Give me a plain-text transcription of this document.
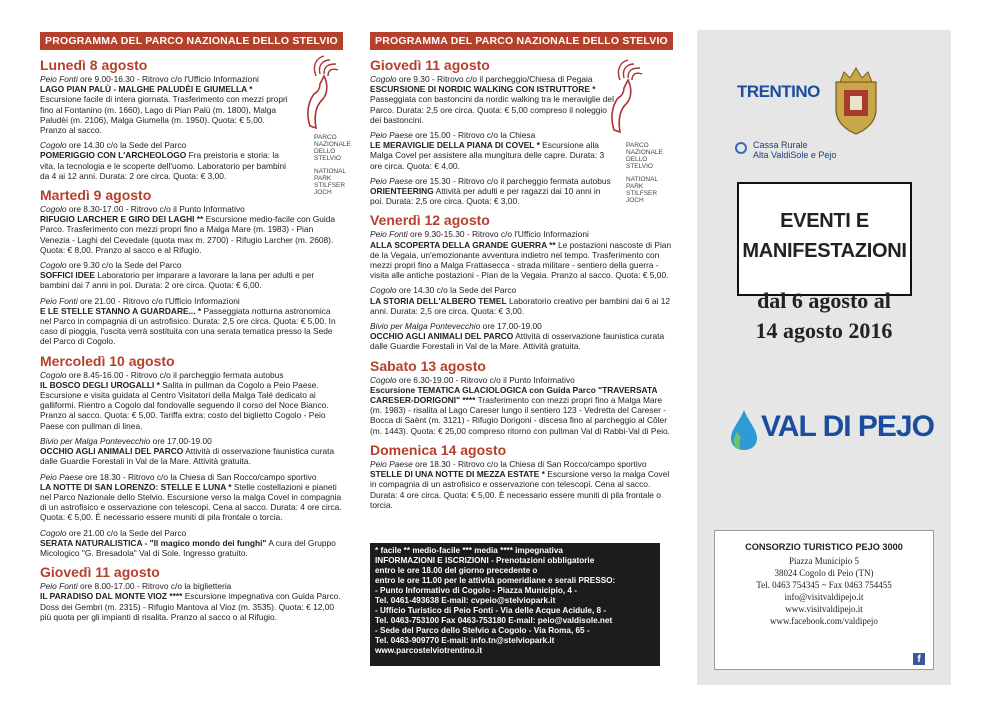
PROGRAMMA DEL PARCO NAZIONALE DELLO STELVIO	PROGRAMMA DEL PARCO NAZIONALE DELLO STELVIO
Lunedì 8 agosto
Peio Fonti ore 9.00-16.30 - Ritrovo c/o l'Ufficio Informazioni
LAGO PIAN PALÙ - MALGHE PALUDÈI E GIUMELLA * Escursione facile di intera giornata. Trasferimento con mezzi propri fino al Fontanino (m. 1660), Lago di Pian Palù (m. 1800), Malga Paludèi (m. 2106), Malga Giumella (m. 1950). Quota: € 5,00. Pranzo al sacco.
Cogolo ore 14.30 c/o la Sede del Parco
POMERIGGIO CON L'ARCHEOLOGO Fra preistoria e storia: la vita, la tecnologia e le scoperte dell'uomo. Laboratorio per bambini da 4 ai 12 anni. Durata: 2 ore circa. Quota: € 3,00.
Martedì 9 agosto
Cogolo ore 8.30-17.00 - Ritrovo c/o il Punto Informativo
RIFUGIO LARCHER E GIRO DEI LAGHI ** Escursione medio-facile con Guida Parco. Trasferimento con mezzi propri fino a Malga Mare (m. 1983) - Pian Venezia - Laghi del Cevedale (quota max m. 2700) - Rifugio Larcher (m. 2608). Quota: € 8,00. Pranzo al sacco e al Rifugio.
Cogolo ore 9.30 c/o la Sede del Parco
SOFFICI IDEE Laboratorio per imparare a lavorare la lana per adulti e per bambini dai 7 anni in poi. Durata: 2 ore circa. Quota: € 6,00.
Peio Fonti ore 21.00 - Ritrovo c/o l'Ufficio Informazioni
E LE STELLE STANNO A GUARDARE... * Passeggiata notturna astronomica nel Parco in compagnia di un astrofisico. Durata: 2,5 ore circa. Quota: € 5,00. In caso di pioggia, l'uscita verrà sostituita con una serata tematica presso la Sede del Parco di Cogolo.
Mercoledì 10 agosto
Cogolo ore 8.45-16.00 - Ritrovo c/o il parcheggio fermata autobus
IL BOSCO DEGLI UROGALLI * Salita in pullman da Cogolo a Peio Paese. Escursione e visita guidata al Centro Visitatori della Malga Talé dedicato ai galliformi. Rientro a Cogolo dal fondovalle seguendo il corso del Noce Bianco. Pranzo al sacco. Quota: € 5,00. Tariffa extra: costo del biglietto Cogolo - Peio Paese con pullman di linea.
Bivio per Malga Pontevecchio ore 17.00-19.00
OCCHIO AGLI ANIMALI DEL PARCO Attività di osservazione faunistica curata dalle Guardie Forestali in Val de la Mare. Attività gratuita.
Peio Paese ore 18.30 - Ritrovo c/o la Chiesa di San Rocco/campo sportivo
LA NOTTE DI SAN LORENZO: STELLE E LUNA * Stelle costellazioni e pianeti nel Parco Nazionale dello Stelvio. Escursione verso la malga Covel in compagnia di un astrofisico e osservazione con telescopi. Cena al sacco. Durata: 4 ore circa. Quota: € 5,00. È necessario essere muniti di pila frontale o torcia.
Cogolo ore 21.00 c/o la Sede del Parco
SERATA NATURALISTICA - "Il magico mondo dei funghi" A cura del Gruppo Micologico "G. Bresadola" Val di Sole. Ingresso gratuito.
Giovedì 11 agosto
Peio Fonti ore 8.00-17.00 - Ritrovo c/o la biglietteria
IL PARADISO DAL MONTE VIOZ **** Escursione impegnativa con Guida Parco. Doss dei Gembri (m. 2315) - Rifugio Mantova al Vioz (m. 3535). Quota: € 12,00 più quota per gli impianti di risalita. Pranzo al sacco o al Rifugio.
Giovedì 11 agosto
Cogolo ore 9.30 - Ritrovo c/o il parcheggio/Chiesa di Pegaia
ESCURSIONE DI NORDIC WALKING CON ISTRUTTORE * Passeggiata con bastoncini da nordic walking tra le meraviglie del Parco. Durata: 2,5 ore circa. Quota: € 5,00 compreso il noleggio dei bastoncini.
Peio Paese ore 15.00 - Ritrovo c/o la Chiesa
LE MERAVIGLIE DELLA PIANA DI COVEL * Escursione alla Malga Covel per assistere alla mungitura delle capre. Durata: 3 ore circa. Quota: € 4,00.
Peio Paese ore 15.30 - Ritrovo c/o il parcheggio fermata autobus
ORIENTEERING Attività per adulti e per ragazzi dai 10 anni in poi. Durata: 2,5 ore circa. Quota: € 3,00.
Venerdì 12 agosto
Peio Fonti ore 9.30-15.30 - Ritrovo c/o l'Ufficio Informazioni
ALLA SCOPERTA DELLA GRANDE GUERRA ** Le postazioni nascoste di Pian de la Vegaia, un'emozionante avventura indietro nel tempo. Trasferimento con mezzi propri fino a Malga Frattasecca - strada militare - sentiero della guerra - visita alle antiche postazioni - Pian de la Vegaia. Pranzo al sacco. Quota: € 5,00.
Cogolo ore 14.30 c/o la Sede del Parco
LA STORIA DELL'ALBERO TEMEL Laboratorio creativo per bambini dai 6 ai 12 anni. Durata: 2,5 ore circa. Quota: € 3,00.
Bivio per Malga Pontevecchio ore 17.00-19.00
OCCHIO AGLI ANIMALI DEL PARCO Attività di osservazione faunistica curata dalle Guardie Forestali in Val de la Mare. Attività gratuita.
Sabato 13 agosto
Cogolo ore 6.30-19.00 - Ritrovo c/o il Punto Informativo
Escursione TEMATICA GLACIOLOGICA con Guida Parco "TRAVERSATA CARESER-DORIGONI" **** Trasferimento con mezzi propri fino a Malga Mare (m. 1983) - risalita al Lago Careser lungo il sentiero 123 - Vedretta del Careser - Bocca di Saènt (m. 3121) - Rifugio Dorigoni - discesa fino al parcheggio al Côler (m. 1443). Quota: € 25,00 compreso ritorno con pullman Val di Rabbi-Val di Peio.
Domenica 14 agosto
Peio Paese ore 18.30 - Ritrovo c/o la Chiesa di San Rocco/campo sportivo
STELLE DI UNA NOTTE DI MEZZA ESTATE * Escursione verso la malga Covel in compagnia di un astrofisico e osservazione con telescopi. Cena al sacco. Durata: 4 ore circa. Quota: € 5,00. È necessario essere muniti di pila frontale o torcia.
PARCO
NAZIONALE
DELLO
STELVIO
NATIONAL
PARK
STILFSER
JOCH
PARCO
NAZIONALE
DELLO
STELVIO
NATIONAL
PARK
STILFSER
JOCH
* facile ** medio-facile *** media **** impegnativa
INFORMAZIONI E ISCRIZIONI - Prenotazioni obbligatorie
entro le ore 18.00 del giorno precedente o
entro le ore 11.00 per le attività pomeridiane e serali PRESSO:
- Punto Informativo di Cogolo - Piazza Municipio, 4 -
Tel. 0461-493638 E-mail: cvpeio@stelviopark.it
- Ufficio Turistico di Peio Fonti - Via delle Acque Acidule, 8 -
Tel. 0463-753100 Fax 0463-753180 E-mail: peio@valdisole.net
- Sede del Parco dello Stelvio a Cogolo - Via Roma, 65 -
Tel. 0463-909770 E-mail: info.tn@stelviopark.it
www.parcostelviotrentino.it
TRENTINO
Cassa Rurale
Alta ValdiSole e Pejo
EVENTI E
MANIFESTAZIONI
dal 6 agosto al
14 agosto 2016
VAL DI PEJO
CONSORZIO TURISTICO PEJO 3000
Piazza Municipio 5
38024 Cogolo di Peio (TN)
Tel. 0463 754345 ~ Fax 0463 754455
info@visitvaldipejo.it
www.visitvaldipejo.it
www.facebook.com/valdipejo
f
